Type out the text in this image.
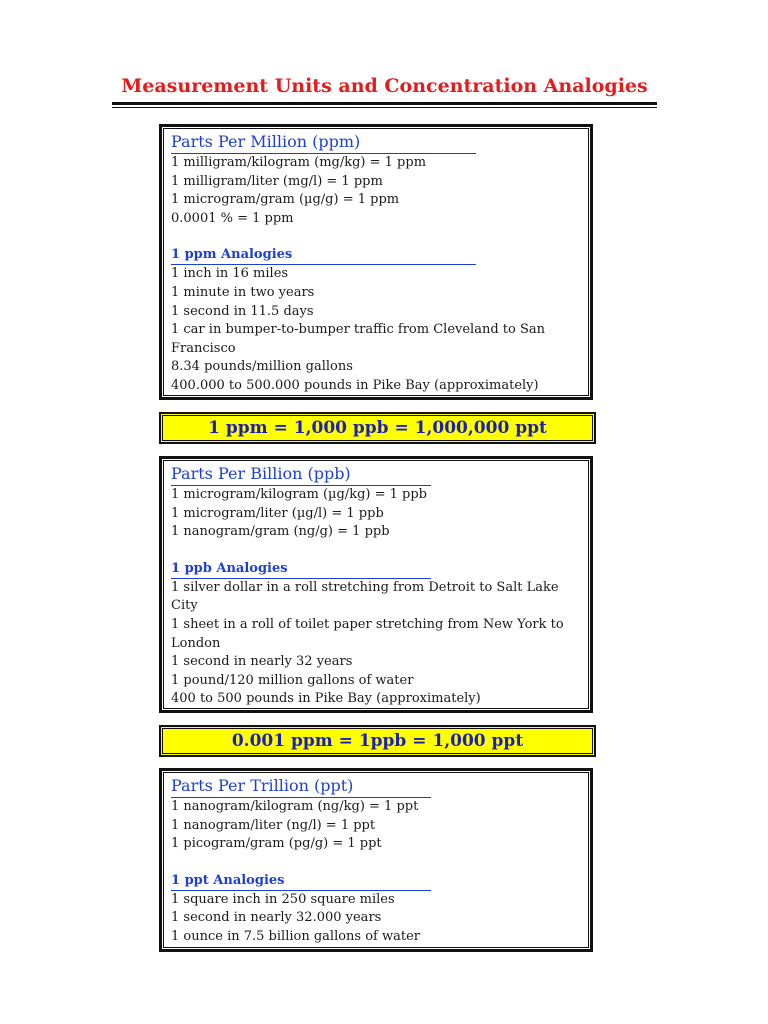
Measurement Units and Concentration Analogies
Parts Per Million (ppm)
1 milligram/kilogram (mg/kg) = 1 ppm
1 milligram/liter (mg/l) = 1 ppm
1 microgram/gram (µg/g) = 1 ppm
0.0001 % = 1 ppm
1 ppm Analogies
1 inch in 16 miles
1 minute in two years
1 second in 11.5 days
1 car in bumper-to-bumper traffic from Cleveland to San Francisco
8.34 pounds/million gallons
400.000 to 500.000 pounds in Pike Bay (approximately)
1 ppm = 1,000 ppb = 1,000,000 ppt
Parts Per Billion (ppb)
1 microgram/kilogram (µg/kg) = 1 ppb
1 microgram/liter (µg/l) = 1 ppb
1 nanogram/gram (ng/g) = 1 ppb
1 ppb Analogies
1 silver dollar in a roll stretching from Detroit to Salt Lake City
1 sheet in a roll of toilet paper stretching from New York to London
1 second in nearly 32 years
1 pound/120 million gallons of water
400 to 500 pounds in Pike Bay (approximately)
0.001 ppm = 1ppb = 1,000 ppt
Parts Per Trillion (ppt)
1 nanogram/kilogram (ng/kg) = 1 ppt
1 nanogram/liter (ng/l) = 1 ppt
1 picogram/gram (pg/g) = 1 ppt
1 ppt Analogies
1 square inch in 250 square miles
1 second in nearly 32.000 years
1 ounce in 7.5 billion gallons of water
